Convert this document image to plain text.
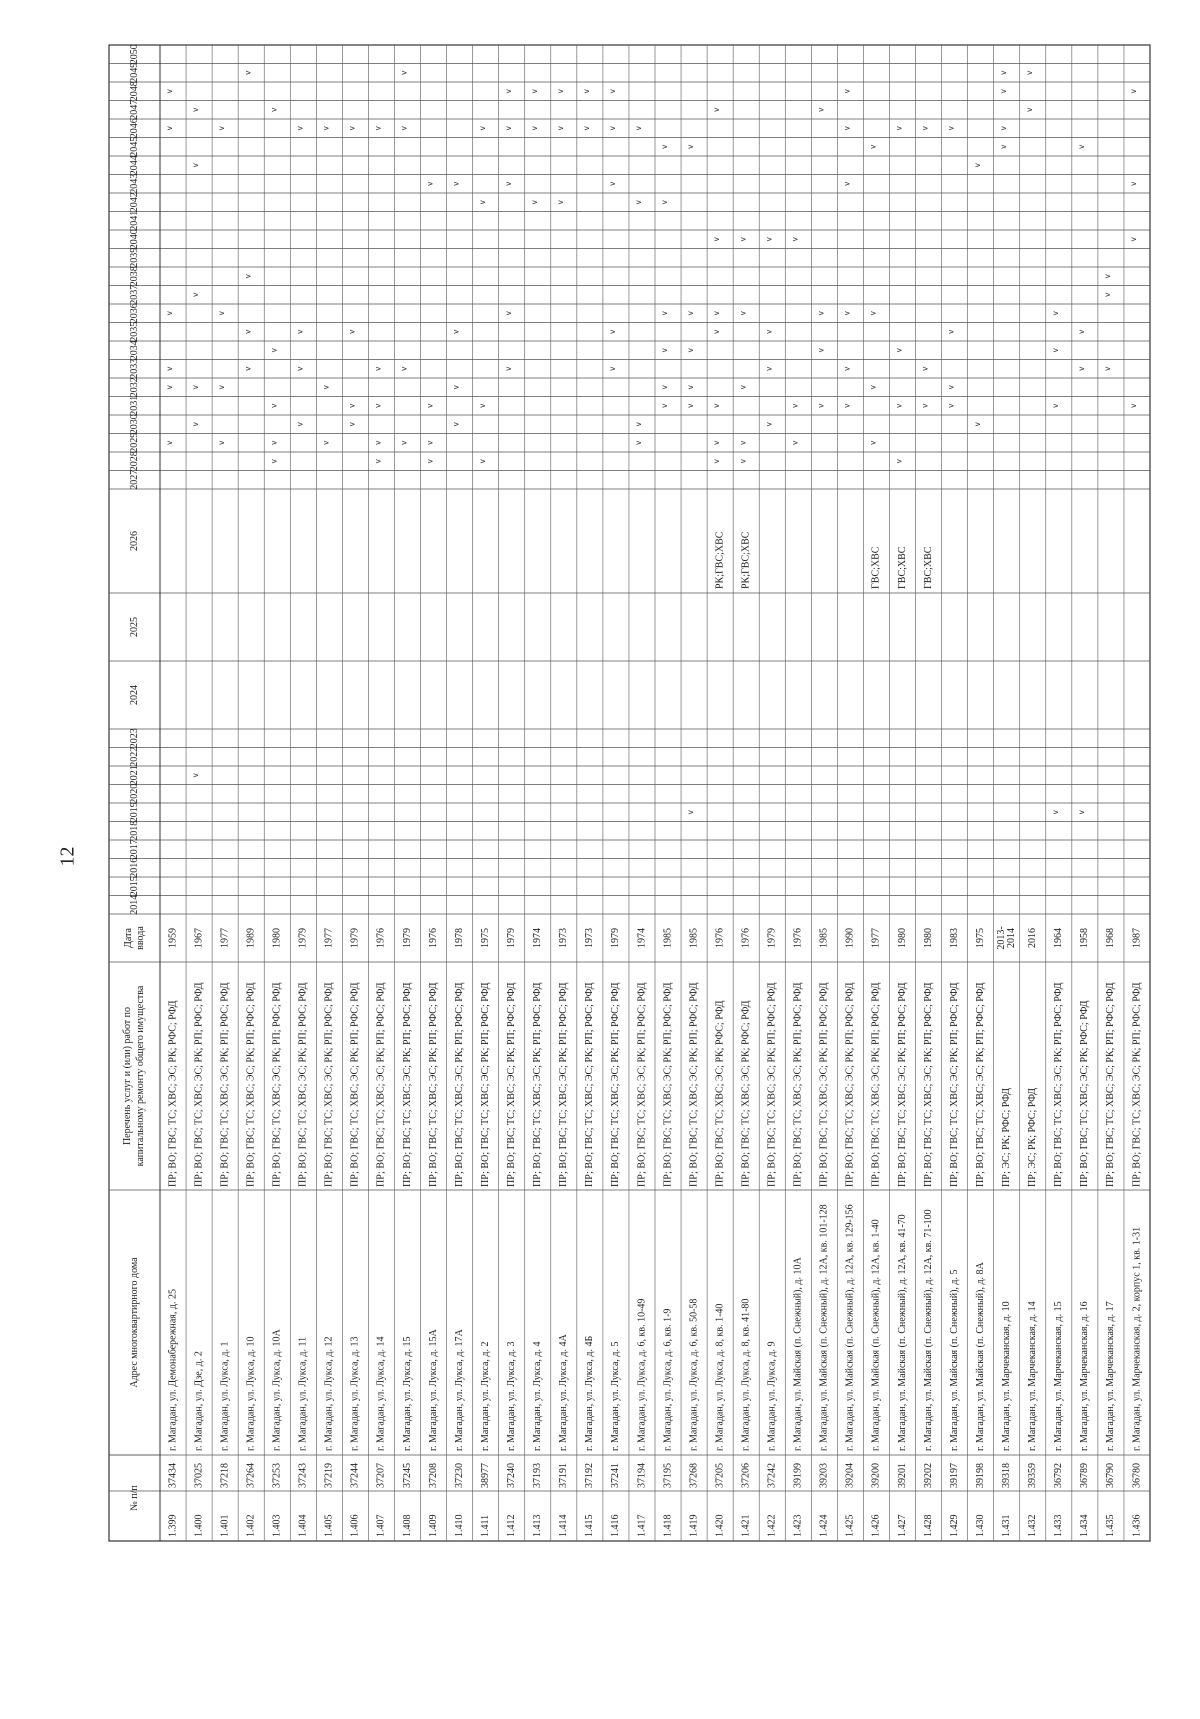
12
2050
2049
2048
2047
2046
2045
2044
2043
2042
2041
2040
2039
2038
2037
2036
2035
2034
2033
2032
2031
2030
2029
2028
2027
2026
2025
2024
2023
2022
2021
2020
2019
2018
2017
2016
2015
2014
Дата ввода
Перечень услуг и (или) работ по капитальному ремонту общего имущества
Адрес многоквартирного дома
№ п/п
1.399
37434
г. Магадан, ул. Демонабережная, д. 25
ПР; ВО; ГВС; ТС; ХВС; ЭС; РК; РФС; РФД
1959
v
v
v
v
v
v
1.400
37025
г. Магадан, ул. Дзе, д. 2
ПР; ВО; ГВС; ТС; ХВС; ЭС; РК; РП; РФС; РФД
1967
v
v
v
v
v
v
1.401
37218
г. Магадан, ул. Лукса, д. 1
ПР; ВО; ГВС; ТС; ХВС; ЭС; РК; РП; РФС; РФД
1977
v
v
v
v
1.402
37264
г. Магадан, ул. Лукса, д. 10
ПР; ВО; ГВС; ТС; ХВС; ЭС; РК; РП; РФС; РФД
1989
v
v
v
v
1.403
37253
г. Магадан, ул. Лукса, д. 10А
ПР; ВО; ГВС; ТС; ХВС; ЭС; РК; РП; РФС; РФД
1980
v
v
v
v
v
1.404
37243
г. Магадан, ул. Лукса, д. 11
ПР; ВО; ГВС; ТС; ХВС; ЭС; РК; РП; РФС; РФД
1979
v
v
v
v
1.405
37219
г. Магадан, ул. Лукса, д. 12
ПР; ВО; ГВС; ТС; ХВС; ЭС; РК; РП; РФС; РФД
1977
v
v
v
1.406
37244
г. Магадан, ул. Лукса, д. 13
ПР; ВО; ГВС; ТС; ХВС; ЭС; РК; РП; РФС; РФД
1979
v
v
v
v
1.407
37207
г. Магадан, ул. Лукса, д. 14
ПР; ВО; ГВС; ТС; ХВС; ЭС; РК; РП; РФС; РФД
1976
v
v
v
v
v
1.408
37245
г. Магадан, ул. Лукса, д. 15
ПР; ВО; ГВС; ТС; ХВС; ЭС; РК; РП; РФС; РФД
1979
v
v
v
v
1.409
37208
г. Магадан, ул. Лукса, д. 15А
ПР; ВО; ГВС; ТС; ХВС; ЭС; РК; РП; РФС; РФД
1976
v
v
v
v
1.410
37230
г. Магадан, ул. Лукса, д. 17А
ПР; ВО; ГВС; ТС; ХВС; ЭС; РК; РП; РФС; РФД
1978
v
v
v
v
1.411
38977
г. Магадан, ул. Лукса, д. 2
ПР; ВО; ГВС; ТС; ХВС; ЭС; РК; РП; РФС; РФД
1975
v
v
v
v
1.412
37240
г. Магадан, ул. Лукса, д. 3
ПР; ВО; ГВС; ТС; ХВС; ЭС; РК; РП; РФС; РФД
1979
v
v
v
v
v
1.413
37193
г. Магадан, ул. Лукса, д. 4
ПР; ВО; ГВС; ТС; ХВС; ЭС; РК; РП; РФС; РФД
1974
v
v
v
1.414
37191
г. Магадан, ул. Лукса, д. 4А
ПР; ВО; ГВС; ТС; ХВС; ЭС; РК; РП; РФС; РФД
1973
v
v
v
1.415
37192
г. Магадан, ул. Лукса, д. 4Б
ПР; ВО; ГВС; ТС; ХВС; ЭС; РК; РП; РФС; РФД
1973
v
v
1.416
37241
г. Магадан, ул. Лукса, д. 5
ПР; ВО; ГВС; ТС; ХВС; ЭС; РК; РП; РФС; РФД
1979
v
v
v
v
v
1.417
37194
г. Магадан, ул. Лукса, д. 6, кв. 10-49
ПР; ВО; ГВС; ТС; ХВС; ЭС; РК; РП; РФС; РФД
1974
v
v
v
v
1.418
37195
г. Магадан, ул. Лукса, д. 6, кв. 1-9
ПР; ВО; ГВС; ТС; ХВС; ЭС; РК; РП; РФС; РФД
1985
v
v
v
v
v
v
1.419
37268
г. Магадан, ул. Лукса, д. 6, кв. 50-58
ПР; ВО; ГВС; ТС; ХВС; ЭС; РК; РП; РФС; РФД
1985
v
v
v
v
v
v
1.420
37205
г. Магадан, ул. Лукса, д. 8, кв. 1-40
ПР; ВО; ГВС; ТС; ХВС; ЭС; РК; РФС; РФД
1976
РК;ГВС;ХВС
v
v
v
v
v
v
v
1.421
37206
г. Магадан, ул. Лукса, д. 8, кв. 41-80
ПР; ВО; ГВС; ТС; ХВС; ЭС; РК; РФС; РФД
1976
РК;ГВС;ХВС
v
v
v
v
v
1.422
37242
г. Магадан, ул. Лукса, д. 9
ПР; ВО; ГВС; ТС; ХВС; ЭС; РК; РП; РФС; РФД
1979
v
v
v
v
1.423
39199
г. Магадан, ул. Майская (п. Снежный), д. 10А
ПР; ВО; ГВС; ТС; ХВС; ЭС; РК; РП; РФС; РФД
1976
v
v
v
1.424
39203
г. Магадан, ул. Майская (п. Снежный), д. 12А, кв. 101-128
ПР; ВО; ГВС; ТС; ХВС; ЭС; РК; РП; РФС; РФД
1985
v
v
v
v
1.425
39204
г. Магадан, ул. Майская (п. Снежный), д. 12А, кв. 129-156
ПР; ВО; ГВС; ТС; ХВС; ЭС; РК; РП; РФС; РФД
1990
v
v
v
v
v
v
1.426
39200
г. Магадан, ул. Майская (п. Снежный), д. 12А, кв. 1-40
ПР; ВО; ГВС; ТС; ХВС; ЭС; РК; РП; РФС; РФД
1977
ГВС;ХВС
v
v
v
v
1.427
39201
г. Магадан, ул. Майская (п. Снежный), д. 12А, кв. 41-70
ПР; ВО; ГВС; ТС; ХВС; ЭС; РК; РП; РФС; РФД
1980
ГВС;ХВС
v
v
v
v
1.428
39202
г. Магадан, ул. Майская (п. Снежный), д. 12А, кв. 71-100
ПР; ВО; ГВС; ТС; ХВС; ЭС; РК; РП; РФС; РФД
1980
ГВС;ХВС
v
v
v
1.429
39197
г. Магадан, ул. Майская (п. Снежный), д. 5
ПР; ВО; ГВС; ТС; ХВС; ЭС; РК; РП; РФС; РФД
1983
v
v
v
v
1.430
39198
г. Магадан, ул. Майская (п. Снежный), д. 8А
ПР; ВО; ГВС; ТС; ХВС; ЭС; РК; РП; РФС; РФД
1975
v
v
1.431
39318
г. Магадан, ул. Марчеканская, д. 10
ПР; ЭС; РК; РФС; РФД
2013- 2014
v
v
v
v
1.432
39359
г. Магадан, ул. Марчеканская, д. 14
ПР; ЭС; РК; РФС; РФД
2016
v
v
1.433
36792
г. Магадан, ул. Марчеканская, д. 15
ПР; ВО; ГВС; ТС; ХВС; ЭС; РК; РП; РФС; РФД
1964
v
v
v
v
1.434
36789
г. Магадан, ул. Марчеканская, д. 16
ПР; ВО; ГВС; ТС; ХВС; ЭС; РК; РФС; РФД
1958
v
v
v
v
1.435
36790
г. Магадан, ул. Марчеканская, д. 17
ПР; ВО; ГВС; ТС; ХВС; ЭС; РК; РП; РФС; РФД
1968
v
v
v
1.436
36780
г. Магадан, ул. Марчеканская, д. 2, корпус 1, кв. 1-31
ПР; ВО; ГВС; ТС; ХВС; ЭС; РК; РП; РФС; РФД
1987
v
v
v
v
